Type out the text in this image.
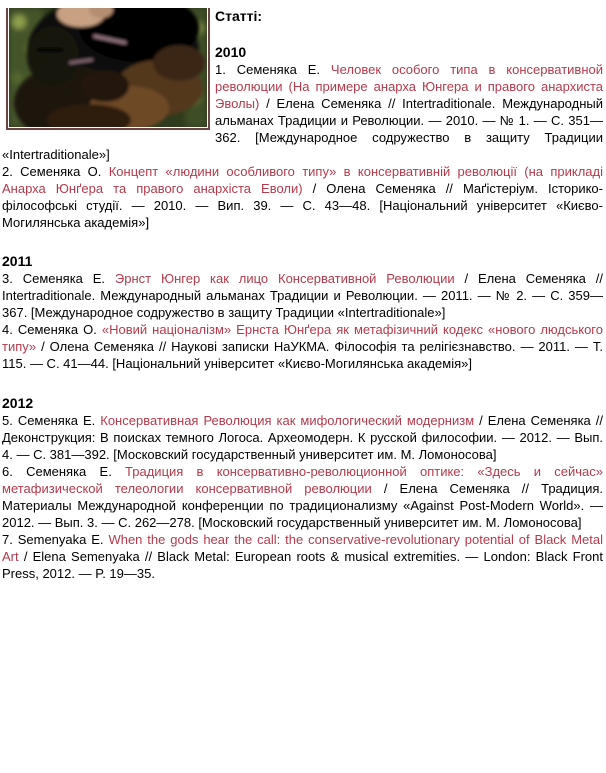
Статті:
2010

1. Семеняка Е. Человек особого типа в консервативной революции (На примере анарха Юнгера и правого анархиста Эволы) / Елена Семеняка // Intertraditionale. Международный альманах Традиции и Революции. — 2010. — № 1. — С. 351—362. [Международное содружество в защиту Традиции «Intertraditionale»]

2. Семеняка О. Концепт «людини особливого типу» в консервативній революції (на прикладі Анарха Юнґера та правого анархіста Еволи) / Олена Семеняка // Маґістеріум. Історико-філософські студії. — 2010. — Вип. 39. — С. 43—48. [Національний університет «Києво-Могилянська академія»]

2011

3. Семеняка Е. Эрнст Юнгер как лицо Консервативной Революции / Елена Семеняка // Intertraditionale. Международный альманах Традиции и Революции. — 2011. — № 2. — С. 359—367. [Международное содружество в защиту Традиции «Intertraditionale»]

4. Семеняка О. «Новий націоналізм» Ернста Юнґера як метафізичний кодекс «нового людського типу» / Олена Семеняка // Наукові записки НаУКМА. Філософія та релігієзнавство. — 2011. — Т. 115. — С. 41—44. [Національний університет «Києво-Могилянська академія»]

2012

5. Семеняка Е. Консервативная Революция как мифологический модернизм / Елена Семеняка // Деконструкция: В поисках темного Логоса. Археомодерн. К русской философии. — 2012. — Вып. 4. — С. 381—392. [Московский государственный университет им. М. Ломоносова]

6. Семеняка Е. Традиция в консервативно-революционной оптике: «Здесь и сейчас» метафизической телеологии консервативной революции / Елена Семеняка // Традиция. Материалы Международной конференции по традиционализму «Against Post-Modern World». — 2012. — Вып. 3. — С. 262—278. [Московский государственный университет им. М. Ломоносова]

7. Semenyaka E. When the gods hear the call: the conservative-revolutionary potential of Black Metal Art / Elena Semenyaka // Black Metal: European roots & musical extremities. — London: Black Front Press, 2012. — P. 19—35.
